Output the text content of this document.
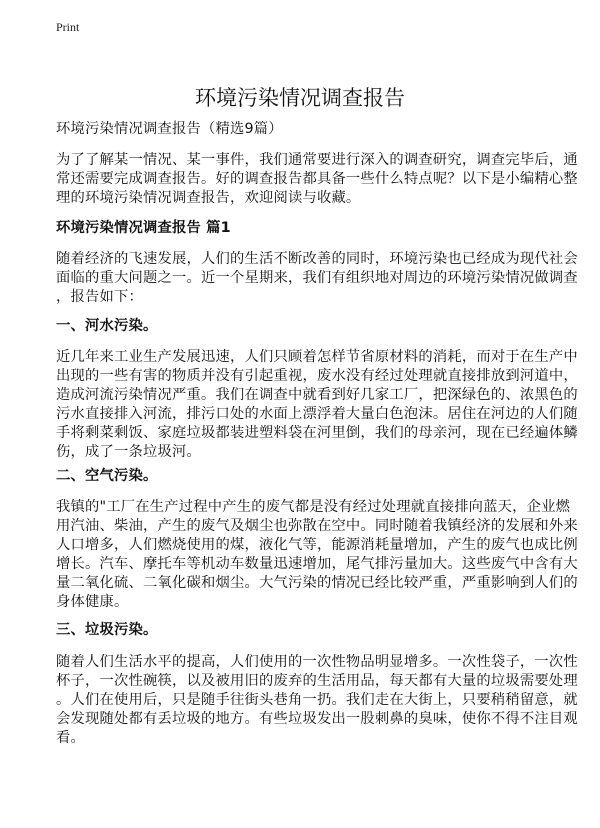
Print
环境污染情况调查报告
环境污染情况调查报告（精选9篇）
为了了解某一情况、某一事件，我们通常要进行深入的调查研究，调查完毕后，通
常还需要完成调查报告。好的调查报告都具备一些什么特点呢？以下是小编精心整
理的环境污染情况调查报告，欢迎阅读与收藏。
环境污染情况调查报告 篇1
随着经济的飞速发展，人们的生活不断改善的同时，环境污染也已经成为现代社会
面临的重大问题之一。近一个星期来，我们有组织地对周边的环境污染情况做调查
，报告如下：
一、河水污染。
近几年来工业生产发展迅速，人们只顾着怎样节省原材料的消耗，而对于在生产中
出现的一些有害的物质并没有引起重视，废水没有经过处理就直接排放到河道中，
造成河流污染情况严重。我们在调查中就看到好几家工厂，把深绿色的、浓黑色的
污水直接排入河流，排污口处的水面上漂浮着大量白色泡沫。居住在河边的人们随
手将剩菜剩饭、家庭垃圾都装进塑料袋在河里倒，我们的母亲河，现在已经遍体鳞
伤，成了一条垃圾河。
二、空气污染。
我镇的"工厂在生产过程中产生的废气都是没有经过处理就直接排向蓝天，企业燃
用汽油、柴油，产生的废气及烟尘也弥散在空中。同时随着我镇经济的发展和外来
人口增多，人们燃烧使用的煤，液化气等，能源消耗量增加，产生的废气也成比例
增长。汽车、摩托车等机动车数量迅速增加，尾气排污量加大。这些废气中含有大
量二氧化硫、二氧化碳和烟尘。大气污染的情况已经比较严重，严重影响到人们的
身体健康。
三、垃圾污染。
随着人们生活水平的提高，人们使用的一次性物品明显增多。一次性袋子，一次性
杯子，一次性碗筷，以及被用旧的废弃的生活用品，每天都有大量的垃圾需要处理
。人们在使用后，只是随手往街头巷角一扔。我们走在大街上，只要稍稍留意，就
会发现随处都有丢垃圾的地方。有些垃圾发出一股刺鼻的臭味，使你不得不注目观
看。
